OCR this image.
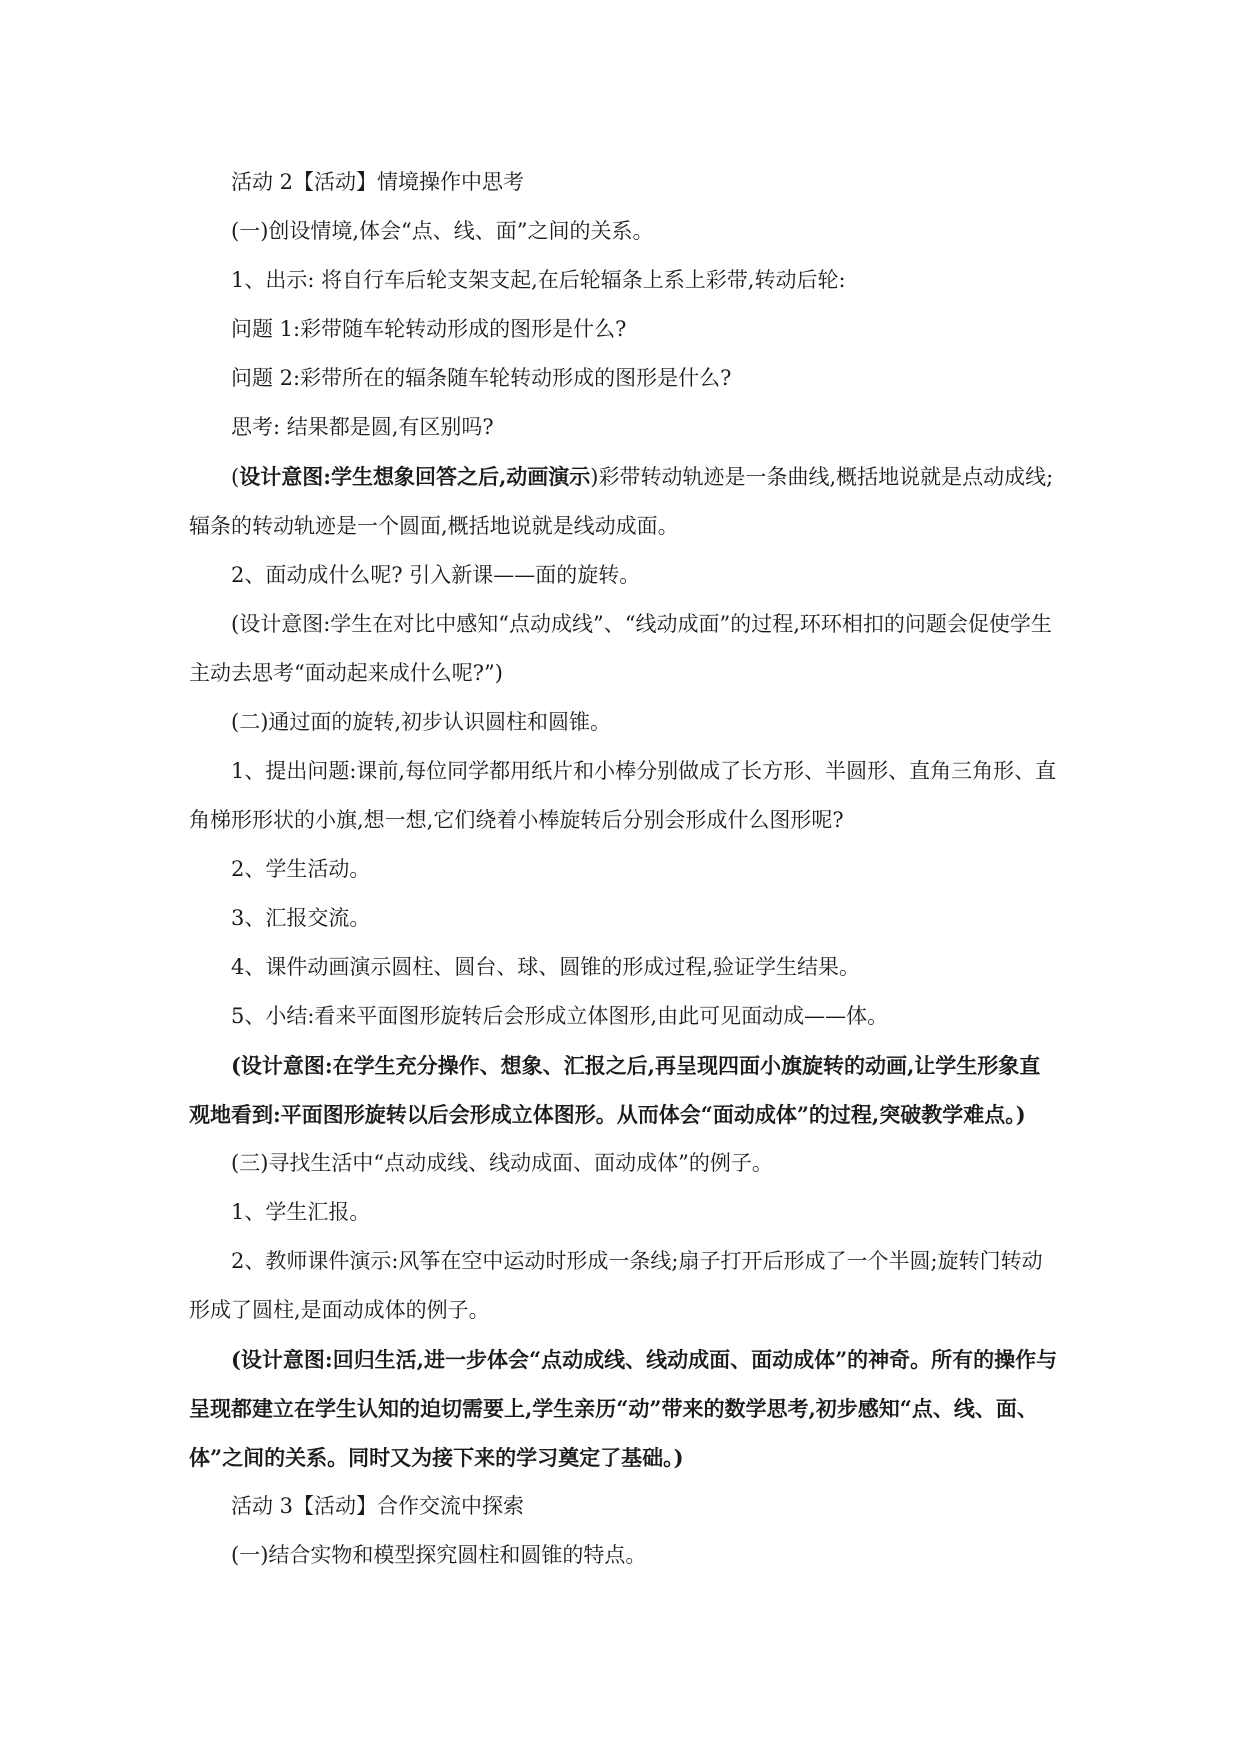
活动 2【活动】情境操作中思考

(一)创设情境,体会“点、线、面”之间的关系。

1、出示: 将自行车后轮支架支起,在后轮辐条上系上彩带,转动后轮:

问题 1:彩带随车轮转动形成的图形是什么?

问题 2:彩带所在的辐条随车轮转动形成的图形是什么?

思考: 结果都是圆,有区别吗?

(设计意图:学生想象回答之后,动画演示)彩带转动轨迹是一条曲线,概括地说就是点动成线;辐条的转动轨迹是一个圆面,概括地说就是线动成面。

2、面动成什么呢? 引入新课——面的旋转。

(设计意图:学生在对比中感知“点动成线”、“线动成面”的过程,环环相扣的问题会促使学生主动去思考“面动起来成什么呢?”)

(二)通过面的旋转,初步认识圆柱和圆锥。

1、提出问题:课前,每位同学都用纸片和小棒分别做成了长方形、半圆形、直角三角形、直角梯形形状的小旗,想一想,它们绕着小棒旋转后分别会形成什么图形呢?

2、学生活动。

3、汇报交流。

4、课件动画演示圆柱、圆台、球、圆锥的形成过程,验证学生结果。

5、小结:看来平面图形旋转后会形成立体图形,由此可见面动成——体。

(设计意图:在学生充分操作、想象、汇报之后,再呈现四面小旗旋转的动画,让学生形象直观地看到:平面图形旋转以后会形成立体图形。从而体会“面动成体”的过程,突破教学难点。)

(三)寻找生活中“点动成线、线动成面、面动成体”的例子。

1、学生汇报。

2、教师课件演示:风筝在空中运动时形成一条线;扇子打开后形成了一个半圆;旋转门转动形成了圆柱,是面动成体的例子。

(设计意图:回归生活,进一步体会“点动成线、线动成面、面动成体”的神奇。所有的操作与呈现都建立在学生认知的迫切需要上,学生亲历“动”带来的数学思考,初步感知“点、线、面、体”之间的关系。同时又为接下来的学习奠定了基础。)

活动 3【活动】合作交流中探索

(一)结合实物和模型探究圆柱和圆锥的特点。
